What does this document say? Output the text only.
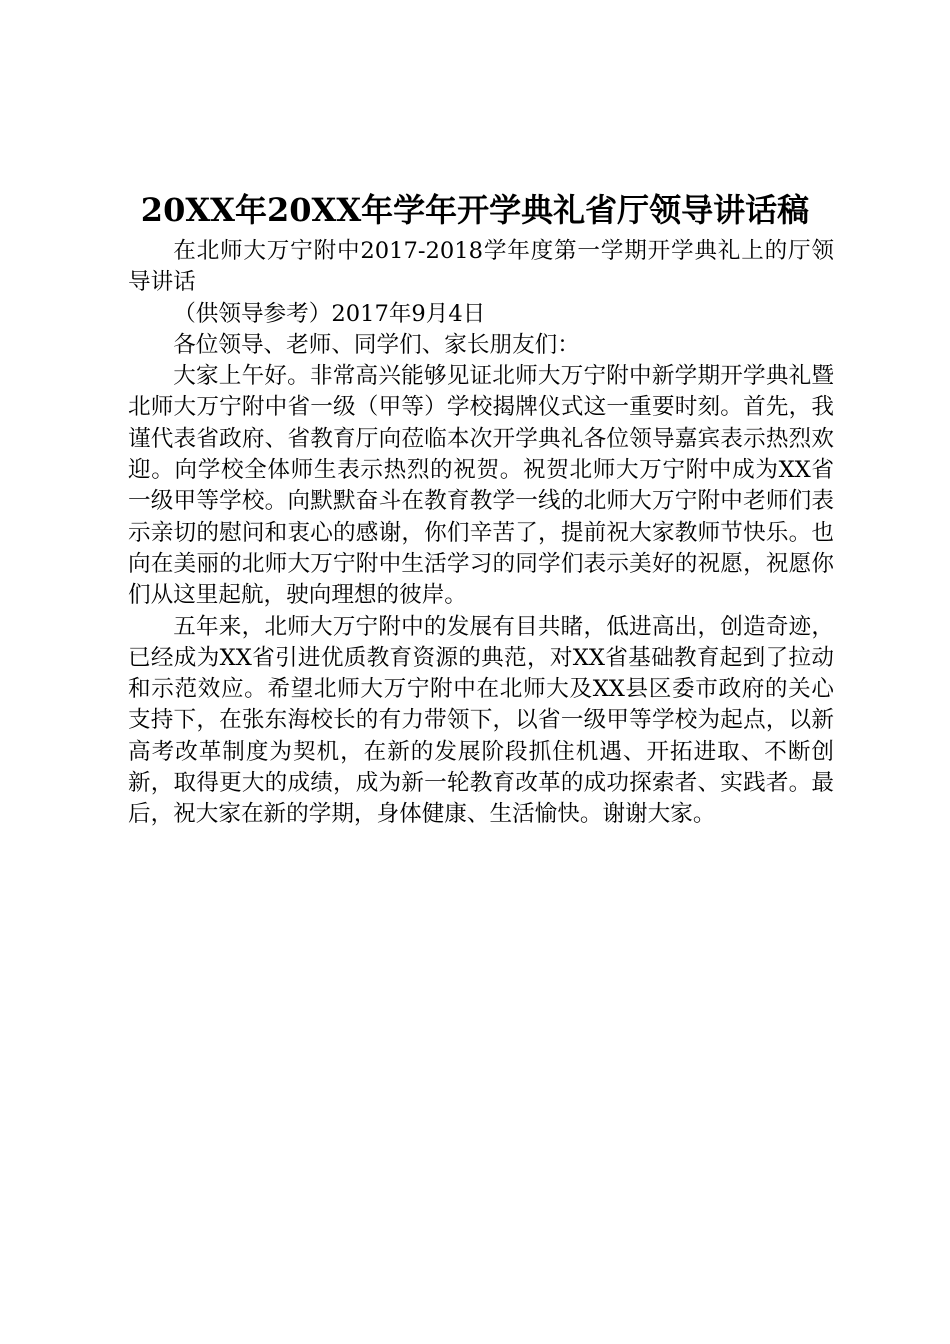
20XX年20XX年学年开学典礼省厅领导讲话稿

在北师大万宁附中2017-2018学年度第一学期开学典礼上的厅领导讲话

（供领导参考）2017年9月4日

各位领导、老师、同学们、家长朋友们：

大家上午好。非常高兴能够见证北师大万宁附中新学期开学典礼暨北师大万宁附中省一级（甲等）学校揭牌仪式这一重要时刻。首先，我谨代表省政府、省教育厅向莅临本次开学典礼各位领导嘉宾表示热烈欢迎。向学校全体师生表示热烈的祝贺。祝贺北师大万宁附中成为XX省一级甲等学校。向默默奋斗在教育教学一线的北师大万宁附中老师们表示亲切的慰问和衷心的感谢，你们辛苦了，提前祝大家教师节快乐。也向在美丽的北师大万宁附中生活学习的同学们表示美好的祝愿，祝愿你们从这里起航，驶向理想的彼岸。

五年来，北师大万宁附中的发展有目共睹，低进高出，创造奇迹，已经成为XX省引进优质教育资源的典范，对XX省基础教育起到了拉动和示范效应。希望北师大万宁附中在北师大及XX县区委市政府的关心支持下，在张东海校长的有力带领下，以省一级甲等学校为起点，以新高考改革制度为契机，在新的发展阶段抓住机遇、开拓进取、不断创新，取得更大的成绩，成为新一轮教育改革的成功探索者、实践者。最后，祝大家在新的学期，身体健康、生活愉快。谢谢大家。
